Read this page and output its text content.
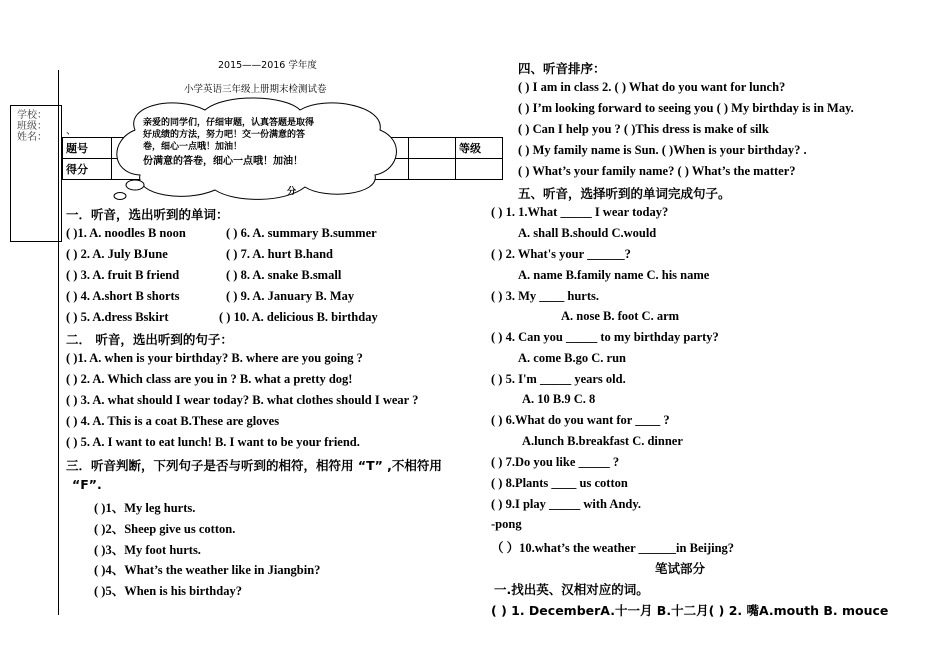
学校：
班级：
姓名：
2015——2016 学年度
小学英语三年级上册期末检测试卷
题号			等级
得分			
亲爱的同学们，仔细审题，认真答题是取得
好成绩的方法，努力吧！交一份满意的答
卷，细心一点哦！加油！
份满意的答卷，细心一点哦！加油！
分
、
一．听音，选出听到的单词：
( )1. A. noodles B noon	( ) 6. A. summary B.summer
( ) 2. A. July BJune	( ) 7. A. hurt B.hand
( ) 3. A. fruit B friend	( ) 8. A. snake B.small
( ) 4. A.short B shorts	( ) 9. A. January B. May
( ) 5. A.dress Bskirt	( ) 10. A. delicious B. birthday
二． 听音，选出听到的句子：
( )1. A. when is your birthday? B. where are you going ?
( ) 2. A. Which class are you in ? B. what a pretty dog!
( ) 3. A. what should I wear today? B. what clothes should I wear ?
( ) 4. A. This is a coat B.These are gloves
( ) 5. A. I want to eat lunch! B. I want to be your friend.
三．听音判断，下列句子是否与听到的相符，相符用 “T” ,不相符用
“F”.
( )1、My leg hurts.
( )2、Sheep give us cotton.
( )3、My foot hurts.
( )4、What’s the weather like in Jiangbin?
( )5、When is his birthday?
四、听音排序：
( ) I am in class 2. ( ) What do you want for lunch?
( ) I’m looking forward to seeing you ( ) My birthday is in May.
( ) Can I help you ? ( )This dress is make of silk
( ) My family name is Sun. ( )When is your birthday? .
( ) What’s your family name? ( ) What’s the matter?
五、听音，选择听到的单词完成句子。
( ) 1. 1.What _____ I wear today?
A. shall B.should C.would
( ) 2. What's your ______?
A. name B.family name C. his name
( ) 3. My ____ hurts.
A. nose B. foot C. arm
( ) 4. Can you _____ to my birthday party?
A. come B.go C. run
( ) 5. I'm _____ years old.
A. 10 B.9 C. 8
( ) 6.What do you want for ____ ?
A.lunch B.breakfast C. dinner
( ) 7.Do you like _____ ?
( ) 8.Plants ____ us cotton
( ) 9.I play _____ with Andy.
-pong
（ ）10.what’s the weather ______in Beijing?
笔试部分
一.找出英、汉相对应的词。
( ) 1. DecemberA.十一月 B.十二月( ) 2. 嘴A.mouth B. mouce
